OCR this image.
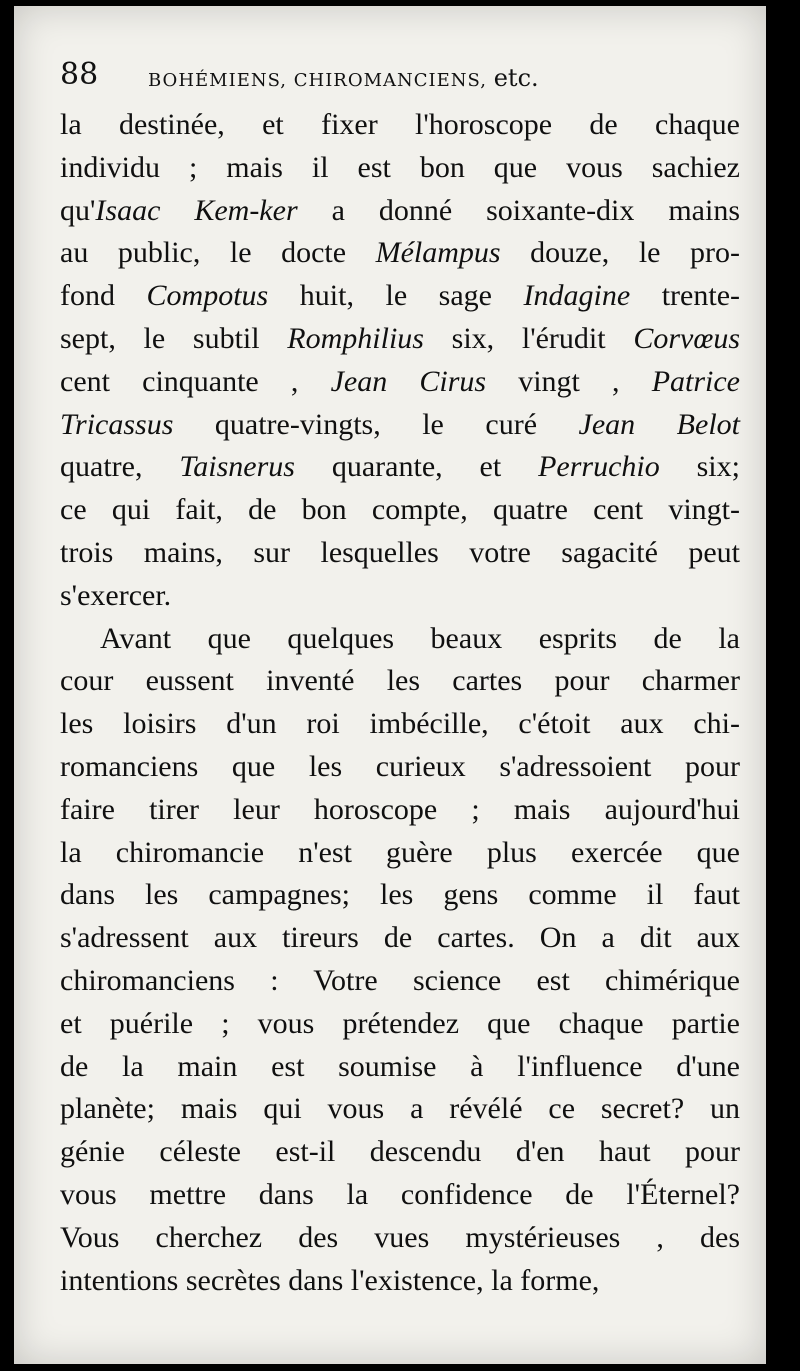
88	BOHÉMIENS, CHIROMANCIENS, etc.
la destinée, et fixer l'horoscope de chaque
individu ; mais il est bon que vous sachiez
qu'Isaac Kem-ker a donné soixante-dix mains
au public, le docte Mélampus douze, le pro-
fond Compotus huit, le sage Indagine trente-
sept, le subtil Romphilius six, l'érudit Corvœus
cent cinquante , Jean Cirus vingt , Patrice
Tricassus quatre-vingts, le curé Jean Belot
quatre, Taisnerus quarante, et Perruchio six;
ce qui fait, de bon compte, quatre cent vingt-
trois mains, sur lesquelles votre sagacité peut
s'exercer.
Avant que quelques beaux esprits de la
cour eussent inventé les cartes pour charmer
les loisirs d'un roi imbécille, c'étoit aux chi-
romanciens que les curieux s'adressoient pour
faire tirer leur horoscope ; mais aujourd'hui
la chiromancie n'est guère plus exercée que
dans les campagnes; les gens comme il faut
s'adressent aux tireurs de cartes. On a dit aux
chiromanciens : Votre science est chimérique
et puérile ; vous prétendez que chaque partie
de la main est soumise à l'influence d'une
planète; mais qui vous a révélé ce secret? un
génie céleste est-il descendu d'en haut pour
vous mettre dans la confidence de l'Éternel?
Vous cherchez des vues mystérieuses , des
intentions secrètes dans l'existence, la forme,
